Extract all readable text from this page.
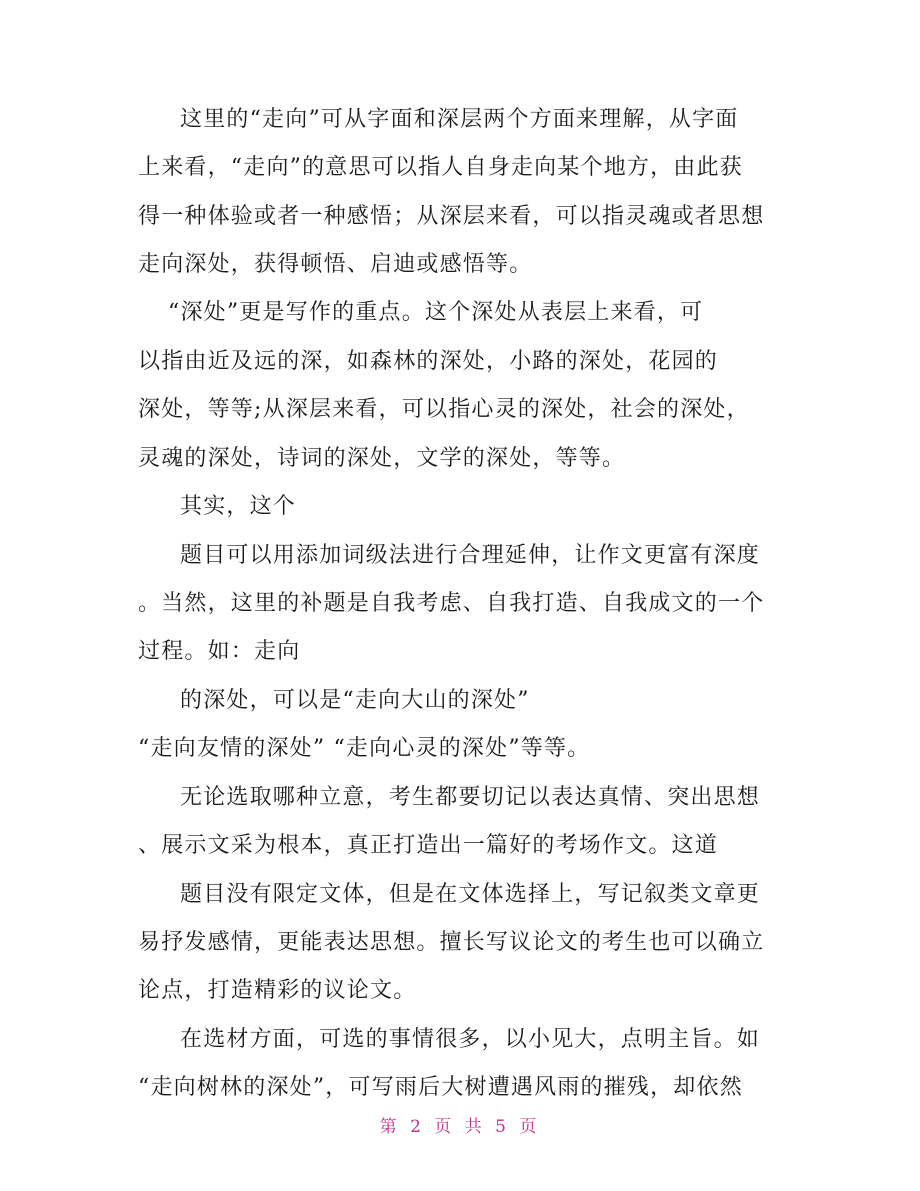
这里的“走向”可从字面和深层两个方面来理解，从字面
上来看，“走向”的意思可以指人自身走向某个地方，由此获
得一种体验或者一种感悟；从深层来看，可以指灵魂或者思想
走向深处，获得顿悟、启迪或感悟等。
“深处”更是写作的重点。这个深处从表层上来看，可
以指由近及远的深，如森林的深处，小路的深处，花园的
深处，等等;从深层来看，可以指心灵的深处，社会的深处，
灵魂的深处，诗词的深处，文学的深处，等等。
其实，这个
题目可以用添加词级法进行合理延伸，让作文更富有深度
。当然，这里的补题是自我考虑、自我打造、自我成文的一个
过程。如：走向
的深处，可以是“走向大山的深处”
“走向友情的深处” “走向心灵的深处”等等。
无论选取哪种立意，考生都要切记以表达真情、突出思想
、展示文采为根本，真正打造出一篇好的考场作文。这道
题目没有限定文体，但是在文体选择上，写记叙类文章更
易抒发感情，更能表达思想。擅长写议论文的考生也可以确立
论点，打造精彩的议论文。
在选材方面，可选的事情很多，以小见大，点明主旨。如
“走向树林的深处”，可写雨后大树遭遇风雨的摧残，却依然
第 2 页 共 5 页
